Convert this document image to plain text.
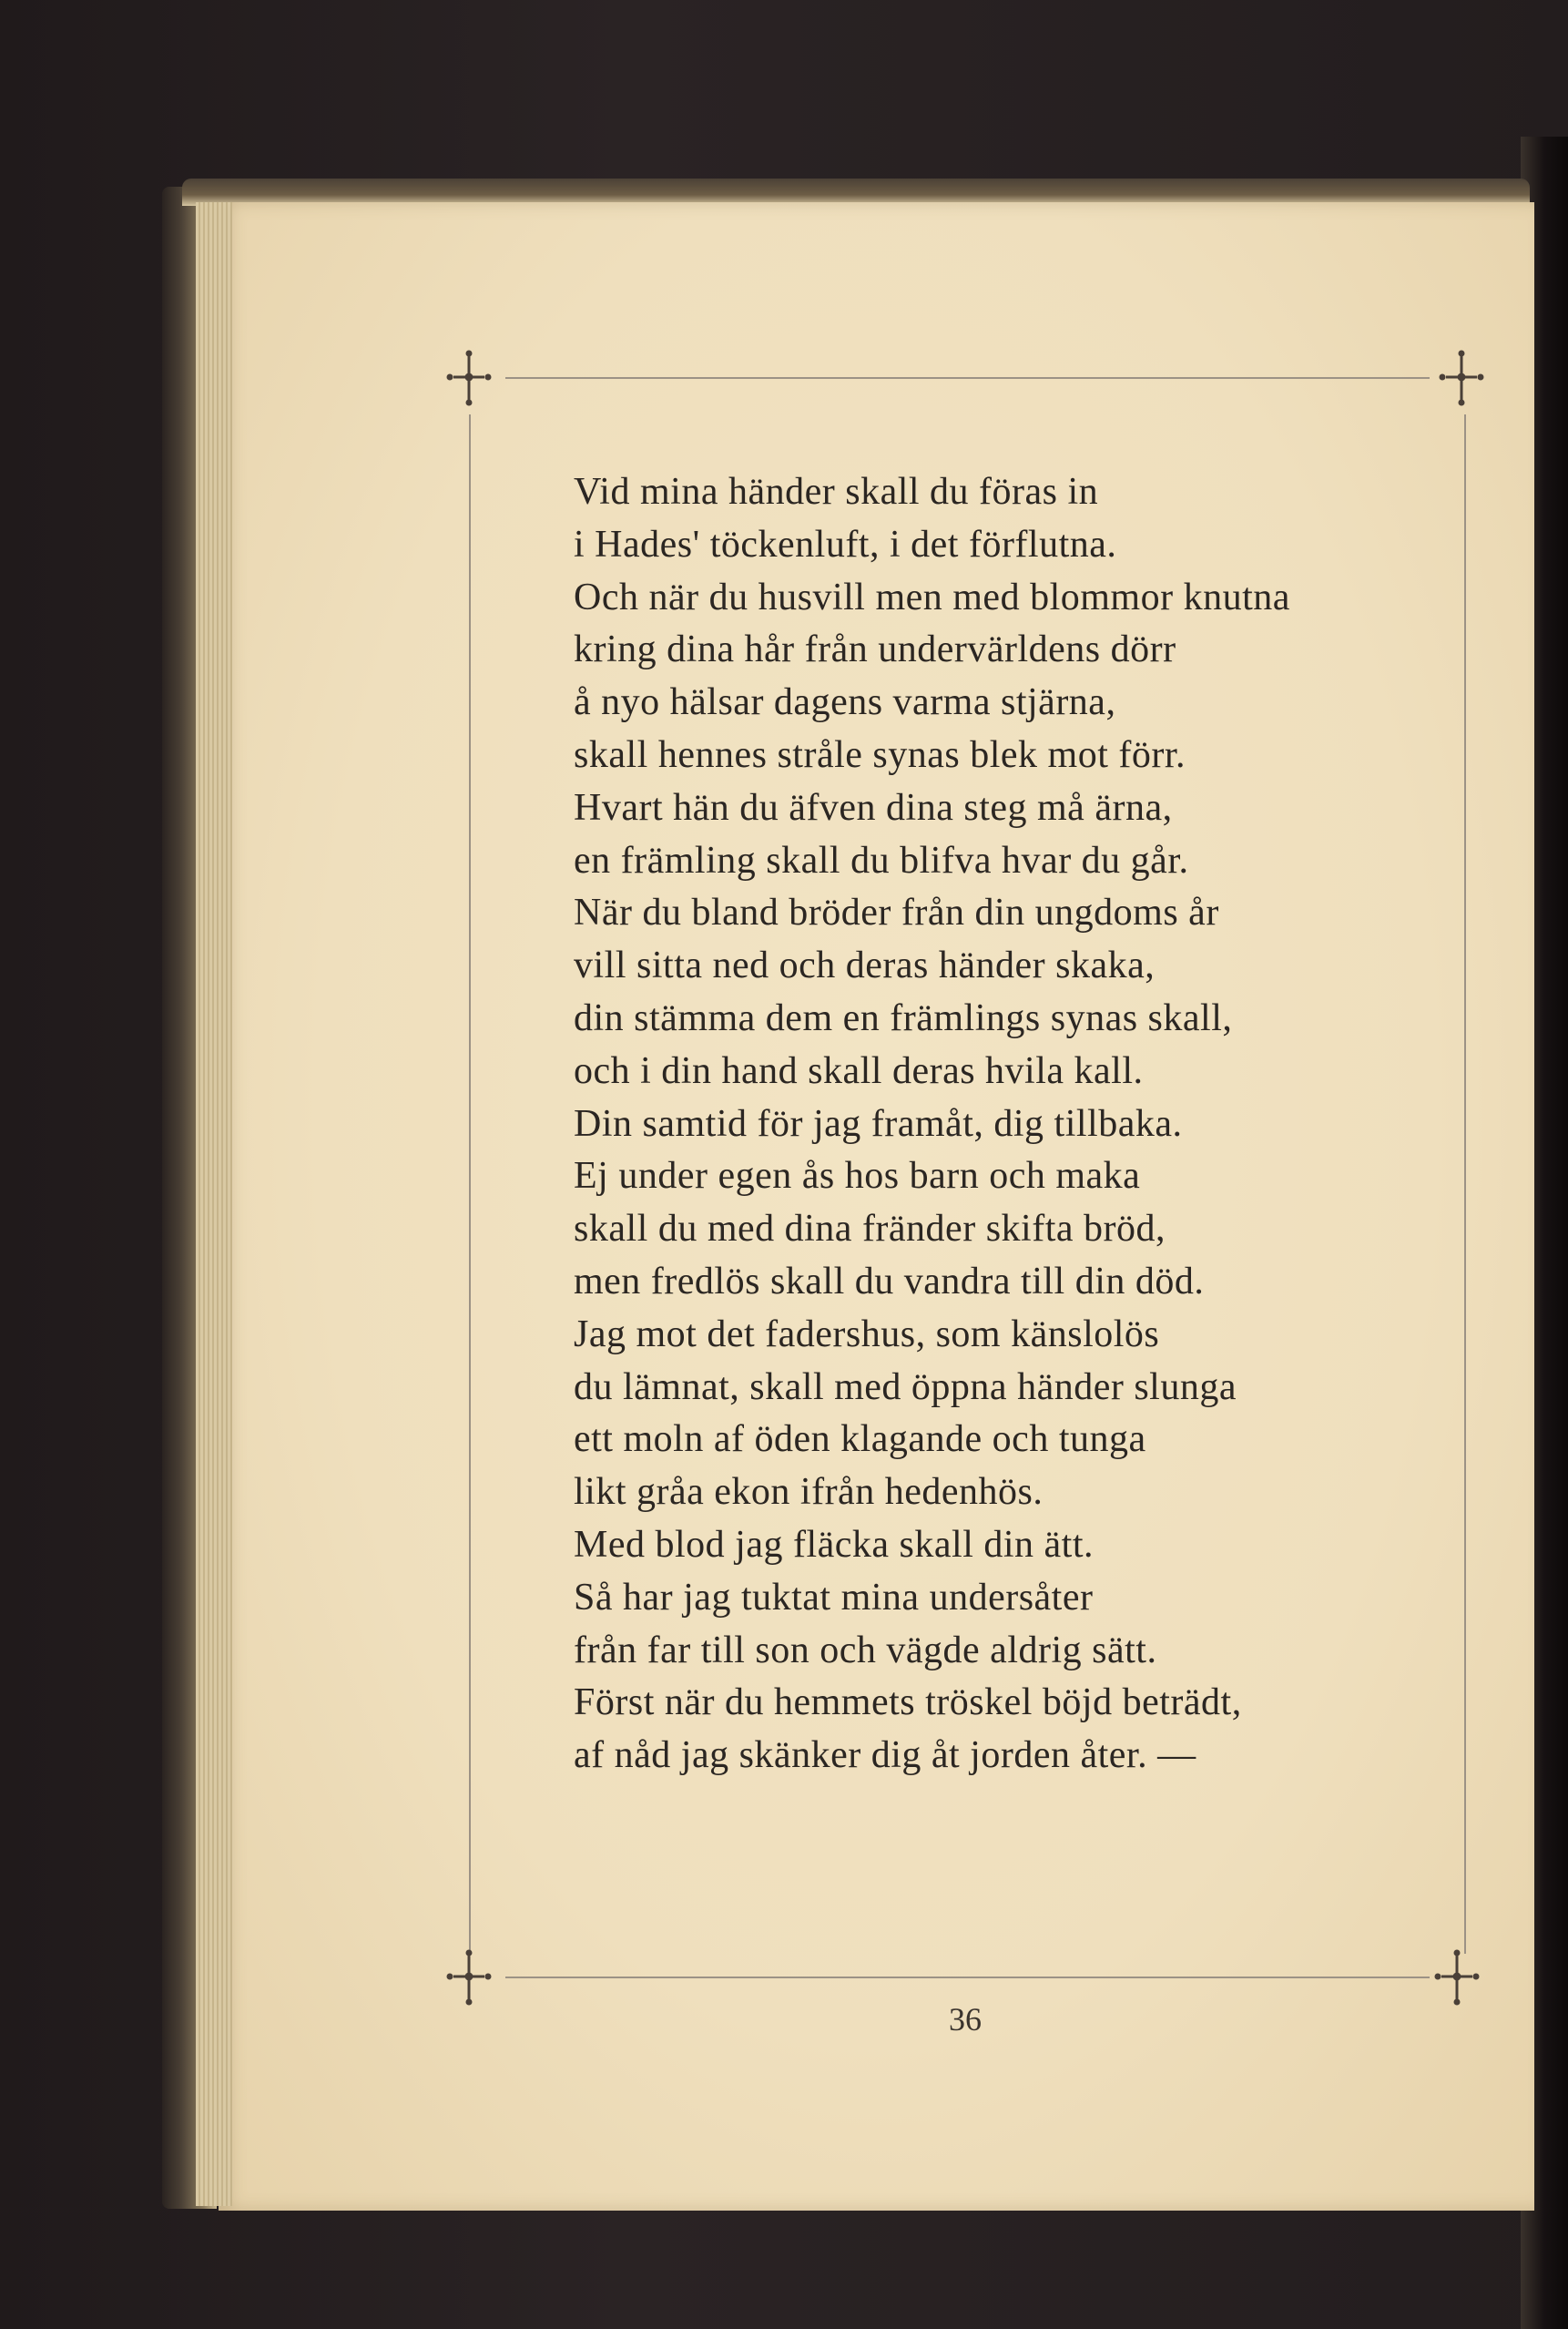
Vid mina händer skall du föras in
i Hades' töckenluft, i det förflutna.
Och när du husvill men med blommor knutna
kring dina hår från undervärldens dörr
å nyo hälsar dagens varma stjärna,
skall hennes stråle synas blek mot förr.
Hvart hän du äfven dina steg må ärna,
en främling skall du blifva hvar du går.
När du bland bröder från din ungdoms år
vill sitta ned och deras händer skaka,
din stämma dem en främlings synas skall,
och i din hand skall deras hvila kall.
Din samtid för jag framåt, dig tillbaka.
Ej under egen ås hos barn och maka
skall du med dina fränder skifta bröd,
men fredlös skall du vandra till din död.
Jag mot det fadershus, som känslolös
du lämnat, skall med öppna händer slunga
ett moln af öden klagande och tunga
likt gråa ekon ifrån hedenhös.
Med blod jag fläcka skall din ätt.
Så har jag tuktat mina undersåter
från far till son och vägde aldrig sätt.
Först när du hemmets tröskel böjd beträdt,
af nåd jag skänker dig åt jorden åter. —
36
